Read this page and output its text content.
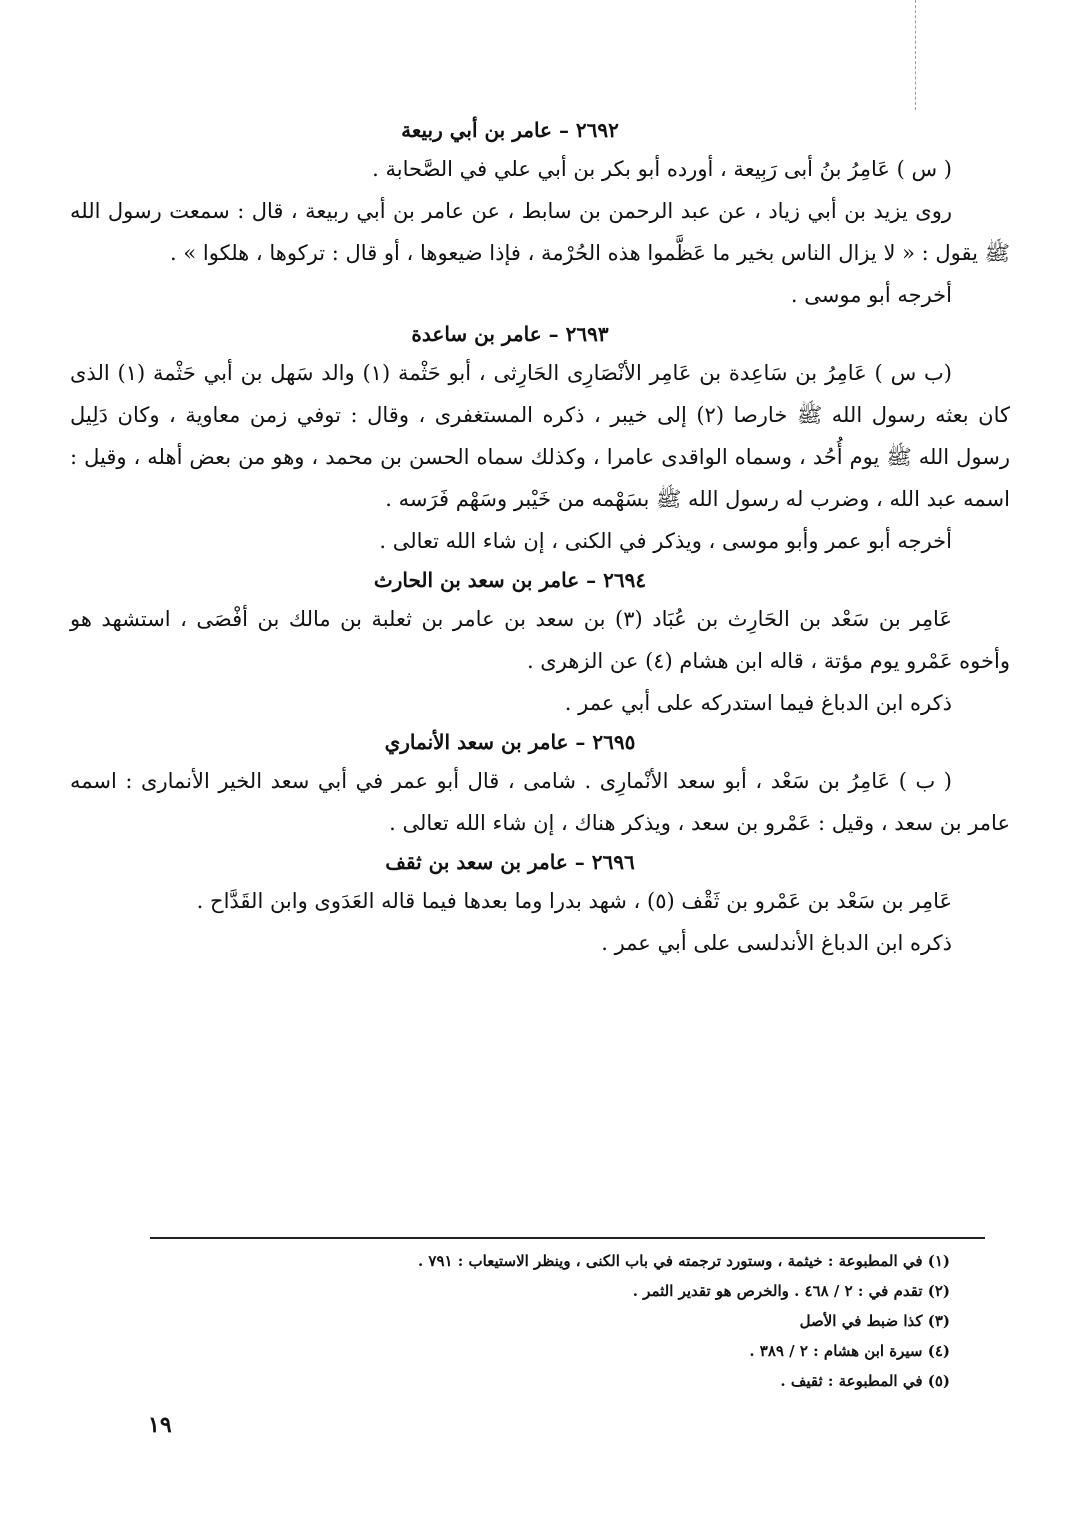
٢٦٩٢ – عامر بن أبي ربيعة

( س ) عَامِرُ بنُ أبى رَبِيعة ، أورده أبو بكر بن أبي علي في الصَّحابة .

روى يزيد بن أبي زياد ، عن عبد الرحمن بن سابط ، عن عامر بن أبي ربيعة ، قال : سمعت رسول الله ﷺ يقول : « لا يزال الناس بخير ما عَظَّموا هذه الحُرْمة ، فإذا ضيعوها ، أو قال : تركوها ، هلكوا » .

أخرجه أبو موسى .

٢٦٩٣ – عامر بن ساعدة

(ب س ) عَامِرُ بن سَاعِدة بن عَامِر الأنْصَارِى الحَارِثى ، أبو حَثْمة (١) والد سَهل بن أبي حَثْمة (١) الذى كان بعثه رسول الله ﷺ خارصا (٢) إلى خيبر ، ذكره المستغفرى ، وقال : توفي زمن معاوية ، وكان دَلِيل رسول الله ﷺ يوم أُحُد ، وسماه الواقدى عامرا ، وكذلك سماه الحسن بن محمد ، وهو من بعض أهله ، وقيل : اسمه عبد الله ، وضرب له رسول الله ﷺ بسَهْمه من خَيْبر وسَهْم فَرَسه .

أخرجه أبو عمر وأبو موسى ، ويذكر في الكنى ، إن شاء الله تعالى .

٢٦٩٤ – عامر بن سعد بن الحارث

عَامِر بن سَعْد بن الحَارِث بن عُبَاد (٣) بن سعد بن عامر بن ثعلبة بن مالك بن أفْصَى ، استشهد هو وأخوه عَمْرو يوم مؤتة ، قاله ابن هشام (٤) عن الزهرى .

ذكره ابن الدباغ فيما استدركه على أبي عمر .

٢٦٩٥ – عامر بن سعد الأنماري

( ب ) عَامِرُ بن سَعْد ، أبو سعد الأنْمارِى . شامى ، قال أبو عمر في أبي سعد الخير الأنمارى : اسمه عامر بن سعد ، وقيل : عَمْرو بن سعد ، ويذكر هناك ، إن شاء الله تعالى .

٢٦٩٦ – عامر بن سعد بن ثقف

عَامِر بن سَعْد بن عَمْرو بن ثَقْف (٥) ، شهد بدرا وما بعدها فيما قاله العَدَوى وابن القَدَّاح .

ذكره ابن الدباغ الأندلسى على أبي عمر .

(١) في المطبوعة : خيثمة ، وستورد ترجمته في باب الكنى ، وينظر الاستيعاب : ٧٩١ .

(٢) تقدم في : ٢ / ٤٦٨ . والخرص هو تقدير الثمر .

(٣) كذا ضبط في الأصل

(٤) سيرة ابن هشام : ٢ / ٣٨٩ .

(٥) في المطبوعة : ثقيف .

١٩
